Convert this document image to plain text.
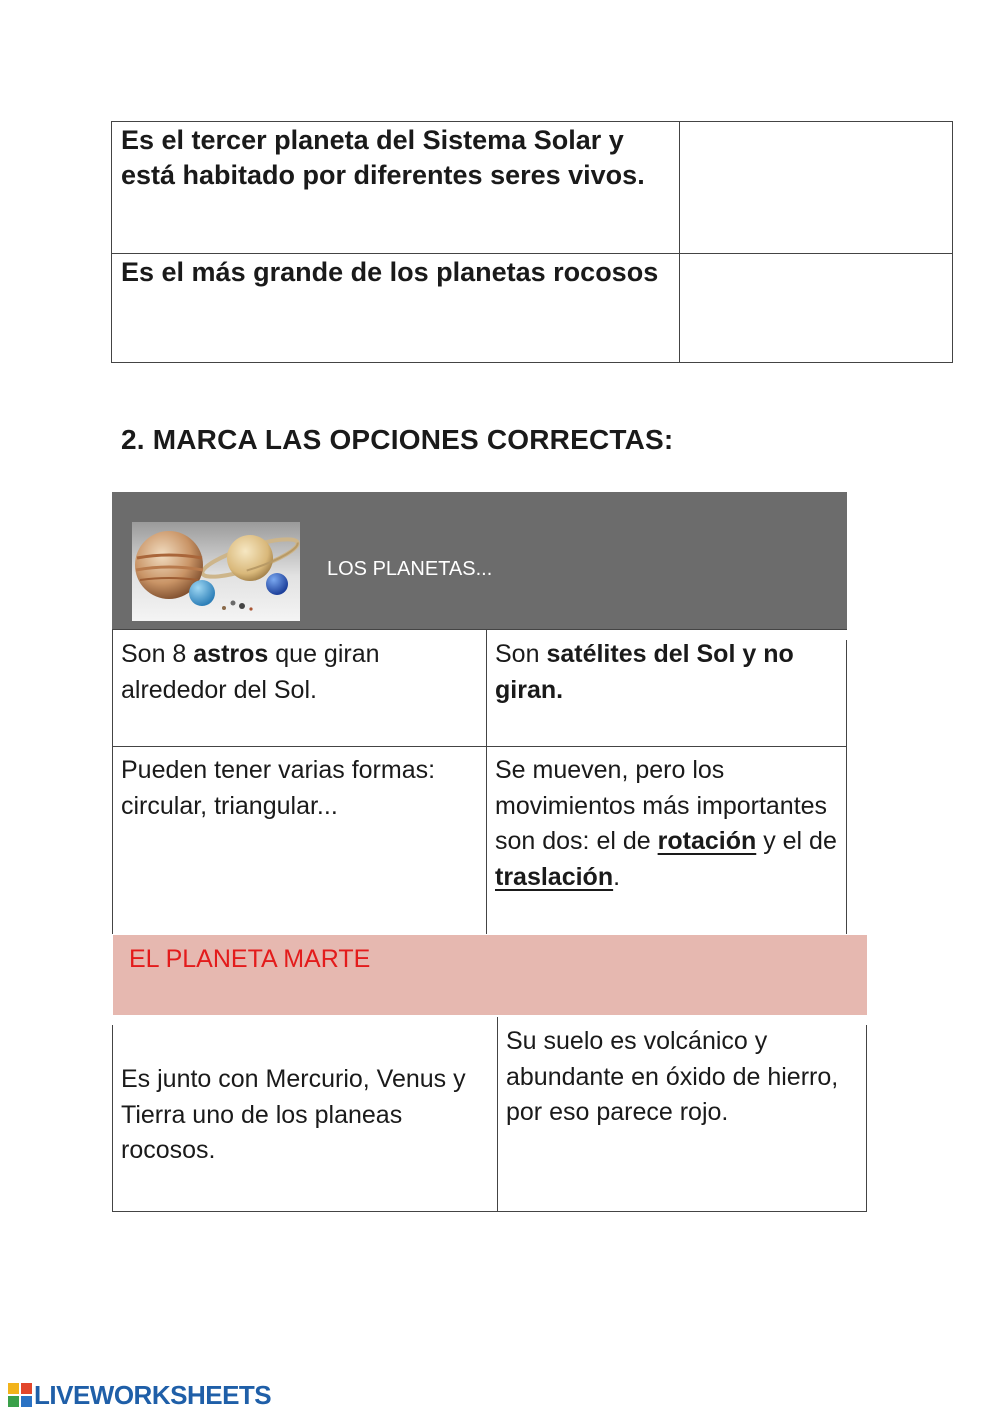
Es el tercer planeta del Sistema Solar y está habitado por diferentes seres vivos.
Es el más grande de los planetas rocosos
2. MARCA LAS OPCIONES CORRECTAS:
LOS PLANETAS...
Son 8 astros que giran alrededor del Sol.
Son satélites del Sol y no giran.
Pueden tener varias formas: circular, triangular...
Se mueven, pero los movimientos más importantes son dos: el de rotación y el de traslación.
EL PLANETA MARTE
Es junto con Mercurio, Venus y Tierra uno de los planeas rocosos.
Su suelo es volcánico y abundante en óxido de hierro, por eso parece rojo.
LIVEWORKSHEETS
